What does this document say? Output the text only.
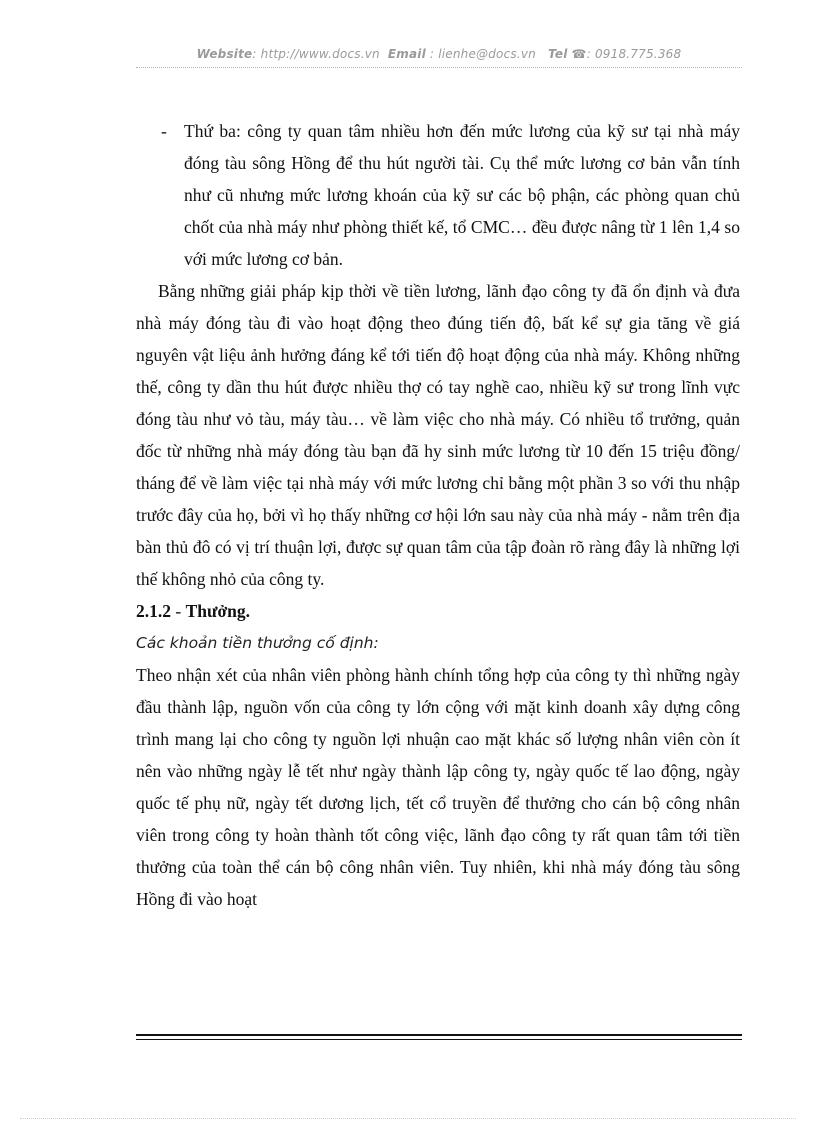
Website: http://www.docs.vn Email : lienhe@docs.vn Tel ☎: 0918.775.368
- Thứ ba: công ty quan tâm nhiều hơn đến mức lương của kỹ sư tại nhà máy đóng tàu sông Hồng để thu hút người tài. Cụ thể mức lương cơ bản vẫn tính như cũ nhưng mức lương khoán của kỹ sư các bộ phận, các phòng quan chủ chốt của nhà máy như phòng thiết kế, tổ CMC… đều được nâng từ 1 lên 1,4 so với mức lương cơ bản.
Bằng những giải pháp kịp thời về tiền lương, lãnh đạo công ty đã ổn định và đưa nhà máy đóng tàu đi vào hoạt động theo đúng tiến độ, bất kể sự gia tăng về giá nguyên vật liệu ảnh hưởng đáng kể tới tiến độ hoạt động của nhà máy. Không những thế, công ty dần thu hút được nhiều thợ có tay nghề cao, nhiều kỹ sư trong lĩnh vực đóng tàu như vỏ tàu, máy tàu… về làm việc cho nhà máy. Có nhiều tổ trưởng, quản đốc từ những nhà máy đóng tàu bạn đã hy sinh mức lương từ 10 đến 15 triệu đồng/ tháng để về làm việc tại nhà máy với mức lương chỉ bằng một phần 3 so với thu nhập trước đây của họ, bởi vì họ thấy những cơ hội lớn sau này của nhà máy - nằm trên địa bàn thủ đô có vị trí thuận lợi, được sự quan tâm của tập đoàn rõ ràng đây là những lợi thế không nhỏ của công ty.
2.1.2 - Thưởng.
Các khoản tiền thưởng cố định:
Theo nhận xét của nhân viên phòng hành chính tổng hợp của công ty thì những ngày đầu thành lập, nguồn vốn của công ty lớn cộng với mặt kinh doanh xây dựng công trình mang lại cho công ty nguồn lợi nhuận cao mặt khác số lượng nhân viên còn ít nên vào những ngày lễ tết như ngày thành lập công ty, ngày quốc tế lao động, ngày quốc tế phụ nữ, ngày tết dương lịch, tết cổ truyền để thưởng cho cán bộ công nhân viên trong công ty hoàn thành tốt công việc, lãnh đạo công ty rất quan tâm tới tiền thưởng của toàn thể cán bộ công nhân viên. Tuy nhiên, khi nhà máy đóng tàu sông Hồng đi vào hoạt
